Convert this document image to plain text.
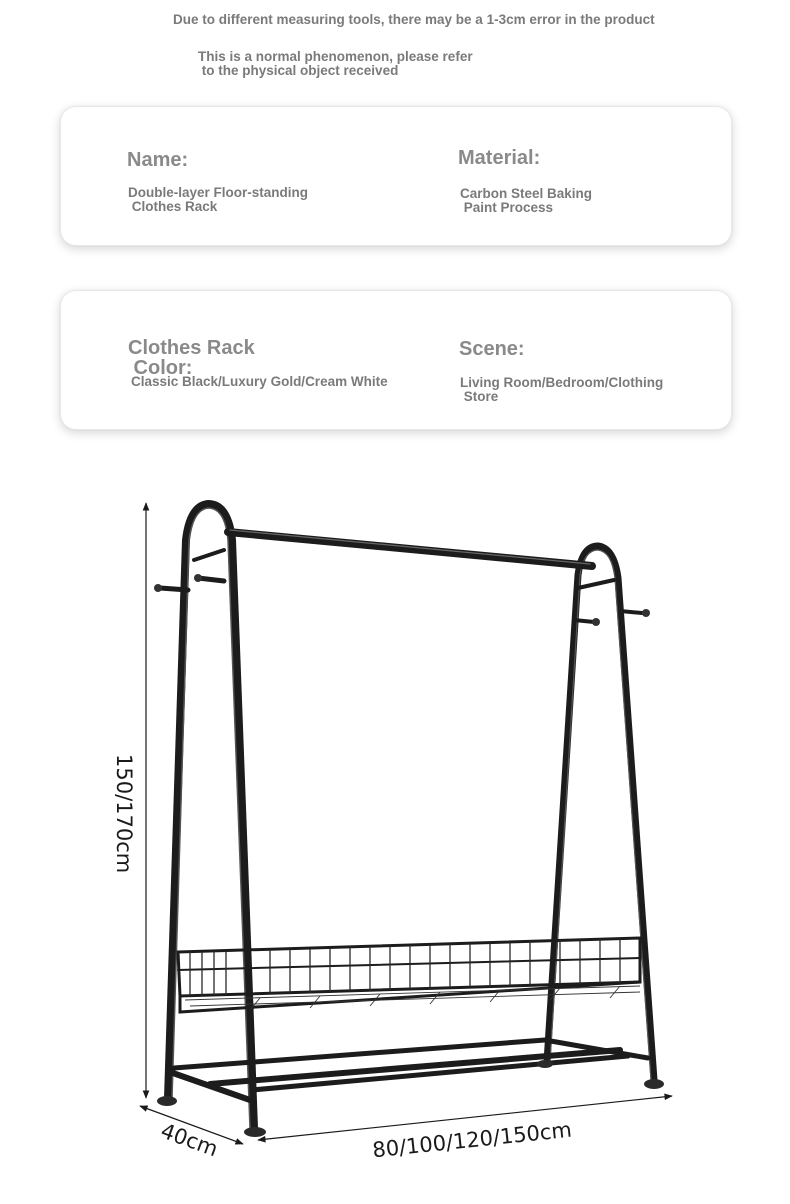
Due to different measuring tools, there may be a 1-3cm error in the product
This is a normal phenomenon, please refer
to the physical object received
Name:
Double-layer Floor-standing
Clothes Rack
Material:
Carbon Steel Baking
Paint Process
Clothes Rack
Color:
Classic Black/Luxury Gold/Cream White
Scene:
Living Room/Bedroom/Clothing
Store
150/170cm
40cm	80/100/120/150cm
